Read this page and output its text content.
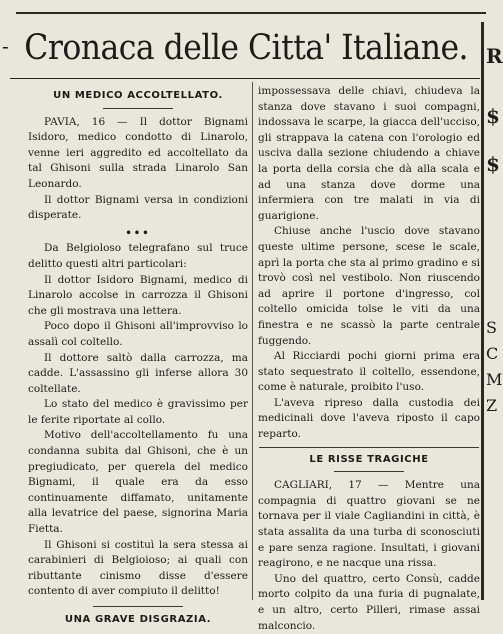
- Cronaca delle Citta' Italiane. R
$
$
S
C
M
Z
UN MEDICO ACCOLTELLATO.

PAVIA, 16 — Il dottor Bignami Isidoro, medico condotto di Linarolo, venne ieri aggredito ed accoltellato da tal Ghisoni sulla strada Linarolo San Leonardo.

Il dottor Bignami versa in condizioni disperate.

•••

Da Belgioloso telegrafano sul truce delitto questi altri particolari:

Il dottor Isidoro Bignami, medico di Linarolo accolse in carrozza il Ghisoni che gli mostrava una lettera.

Poco dopo il Ghisoni all'improvviso lo assalì col coltello.

Il dottore saltò dalla carrozza, ma cadde. L'assassino gli inferse allora 30 coltellate.

Lo stato del medico è gravissimo per le ferite riportate al collo.

Motivo dell'accoltellamento fu una condanna subita dal Ghisoni, che è un pregiudicato, per querela del medico Bignami, il quale era da esso continuamente diffamato, unitamente alla levatrice del paese, signorina Maria Fietta.

Il Ghisoni si costituì la sera stessa ai carabinieri di Belgioioso; ai quali con ributtante cinismo disse d'essere contento di aver compiuto il delitto!

UNA GRAVE DISGRAZIA.

impossessava delle chiavi, chiudeva la stanza dove stavano i suoi compagni, indossava le scarpe, la giacca dell'ucciso, gli strappava la catena con l'orologio ed usciva dalla sezione chiudendo a chiave la porta della corsia che dà alla scala e ad una stanza dove dorme una infermiera con tre malati in via di guarigione.

Chiuse anche l'uscio dove stavano queste ultime persone, scese le scale, aprì la porta che sta al primo gradino e si trovò così nel vestibolo. Non riuscendo ad aprire il portone d'ingresso, col coltello omicida tolse le viti da una finestra e ne scassò la parte centrale fuggendo.

Al Ricciardi pochi giorni prima era stato sequestrato il coltello, essendone, come è naturale, proibito l'uso.

L'aveva ripreso dalla custodia dei medicinali dove l'aveva riposto il capo reparto.

LE RISSE TRAGICHE

CAGLIARI, 17 — Mentre una compagnia di quattro giovani se ne tornava per il viale Cagliandini in città, è stata assalita da una turba di sconosciuti e pare senza ragione. Insultati, i giovani reagirono, e ne nacque una rissa.

Uno del quattro, certo Consù, cadde morto colpito da una furia di pugnalate, e un altro, certo Pilleri, rimase assai malconcio.
